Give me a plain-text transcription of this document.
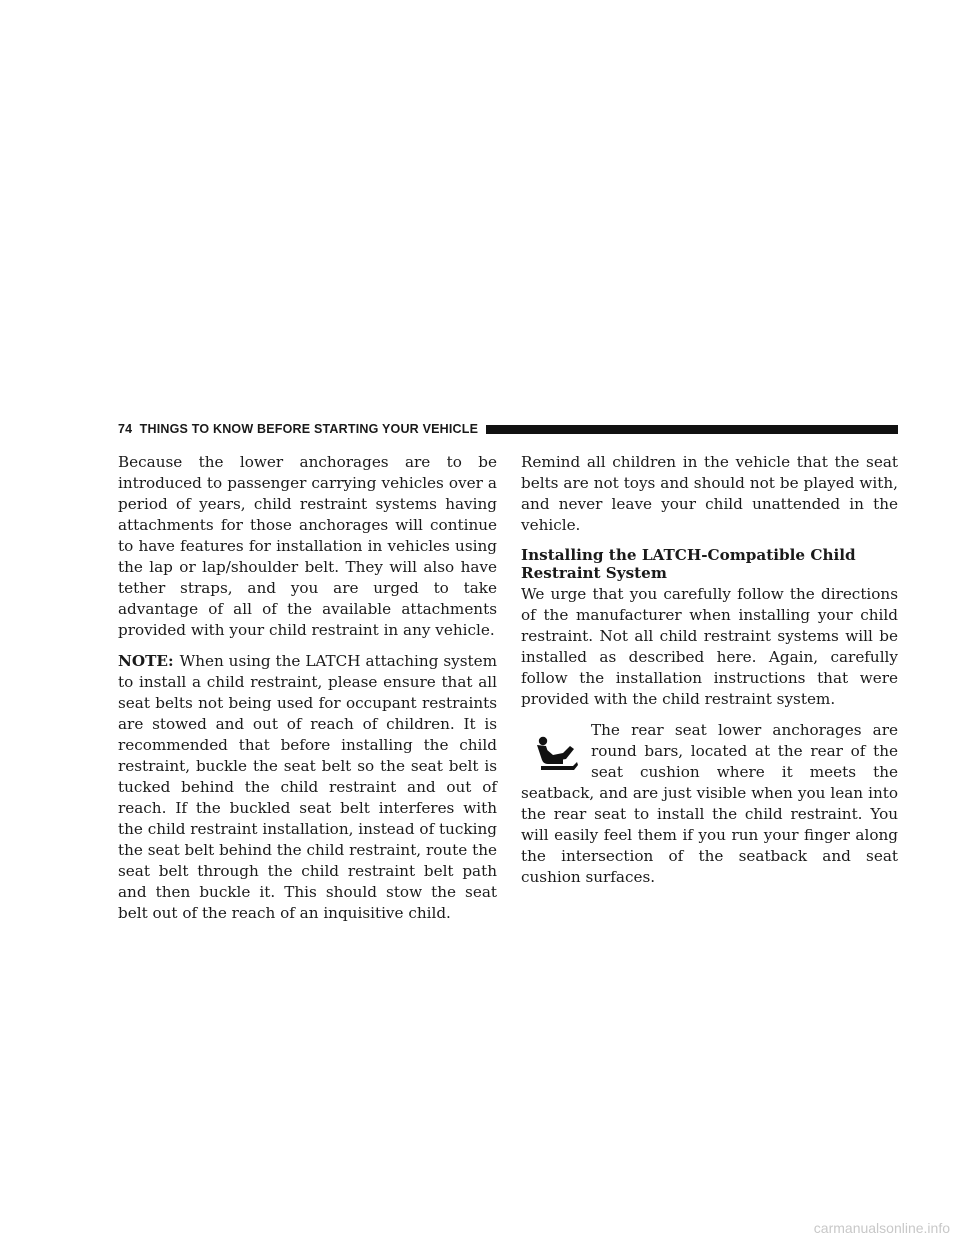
74 THINGS TO KNOW BEFORE STARTING YOUR VEHICLE

Because the lower anchorages are to be introduced to passenger carrying vehicles over a period of years, child restraint systems having attachments for those anchorages will continue to have features for installation in vehicles using the lap or lap/shoulder belt. They will also have tether straps, and you are urged to take advantage of all of the available attachments provided with your child restraint in any vehicle.

NOTE: When using the LATCH attaching system to install a child restraint, please ensure that all seat belts not being used for occupant restraints are stowed and out of reach of children. It is recommended that before installing the child restraint, buckle the seat belt so the seat belt is tucked behind the child restraint and out of reach. If the buckled seat belt interferes with the child restraint installation, instead of tucking the seat belt behind the child restraint, route the seat belt through the child restraint belt path and then buckle it. This should stow the seat belt out of the reach of an inquisitive child.

Remind all children in the vehicle that the seat belts are not toys and should not be played with, and never leave your child unattended in the vehicle.

Installing the LATCH-Compatible Child Restraint System

We urge that you carefully follow the directions of the manufacturer when installing your child restraint. Not all child restraint systems will be installed as described here. Again, carefully follow the installation instructions that were provided with the child restraint system.

The rear seat lower anchorages are round bars, located at the rear of the seat cushion where it meets the seatback, and are just visible when you lean into the rear seat to install the child restraint. You will easily feel them if you run your finger along the intersection of the seatback and seat cushion surfaces.

carmanualsonline.info
